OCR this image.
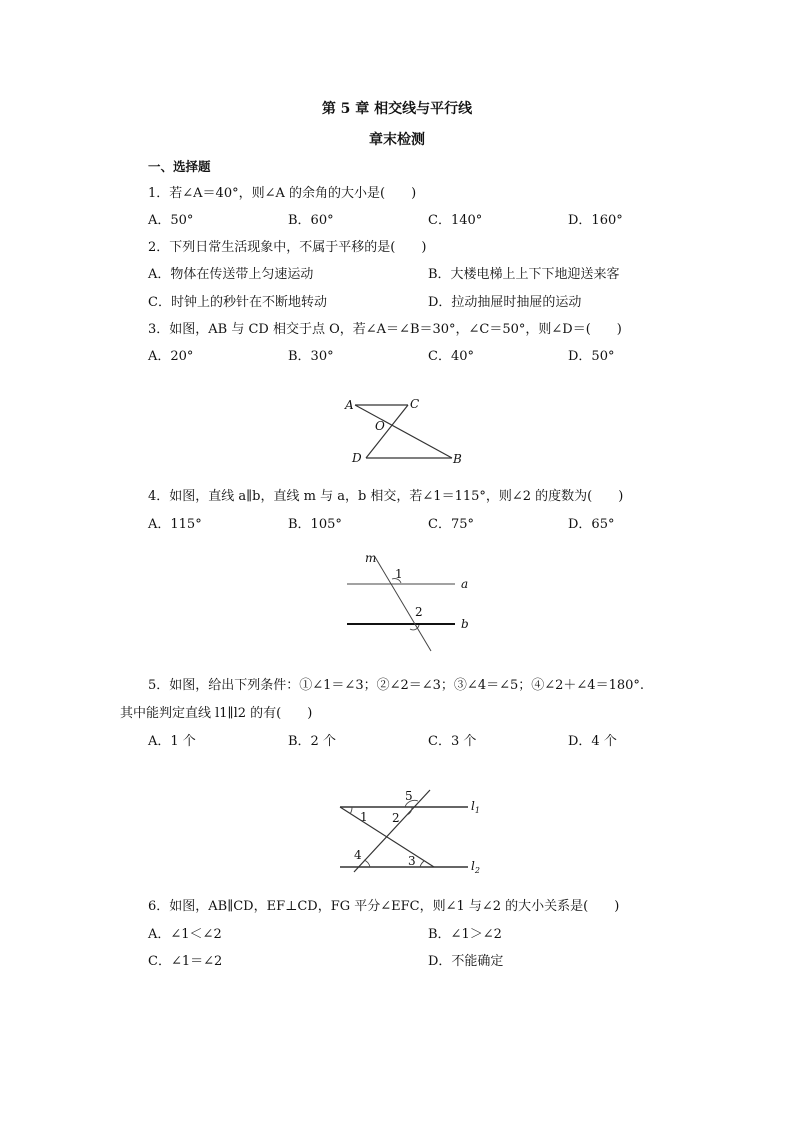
第 5 章 相交线与平行线
章末检测
一、选择题
1．若∠A＝40°，则∠A 的余角的大小是(　　)
A．50°	B．60°	C．140°	D．160°
2．下列日常生活现象中，不属于平移的是(　　)
A．物体在传送带上匀速运动	B．大楼电梯上上下下地迎送来客
C．时钟上的秒针在不断地转动	D．拉动抽屉时抽屉的运动
3．如图，AB 与 CD 相交于点 O，若∠A＝∠B＝30°，∠C＝50°，则∠D＝(　　)
A．20°	B．30°	C．40°	D．50°
A	C
O
D	B
4．如图，直线 a∥b，直线 m 与 a，b 相交，若∠1＝115°，则∠2 的度数为(　　)
A．115°	B．105°	C．75°	D．65°
m
1
2
a
b
5．如图，给出下列条件：①∠1＝∠3；②∠2＝∠3；③∠4＝∠5；④∠2＋∠4＝180°.
其中能判定直线 l1∥l2 的有(　　)
A．1 个	B．2 个	C．3 个	D．4 个
1 2
3
4
5
$l_1$
$l_2$
6．如图，AB∥CD，EF⊥CD，FG 平分∠EFC，则∠1 与∠2 的大小关系是(　　)
A．∠1＜∠2	B．∠1＞∠2
C．∠1＝∠2	D．不能确定
